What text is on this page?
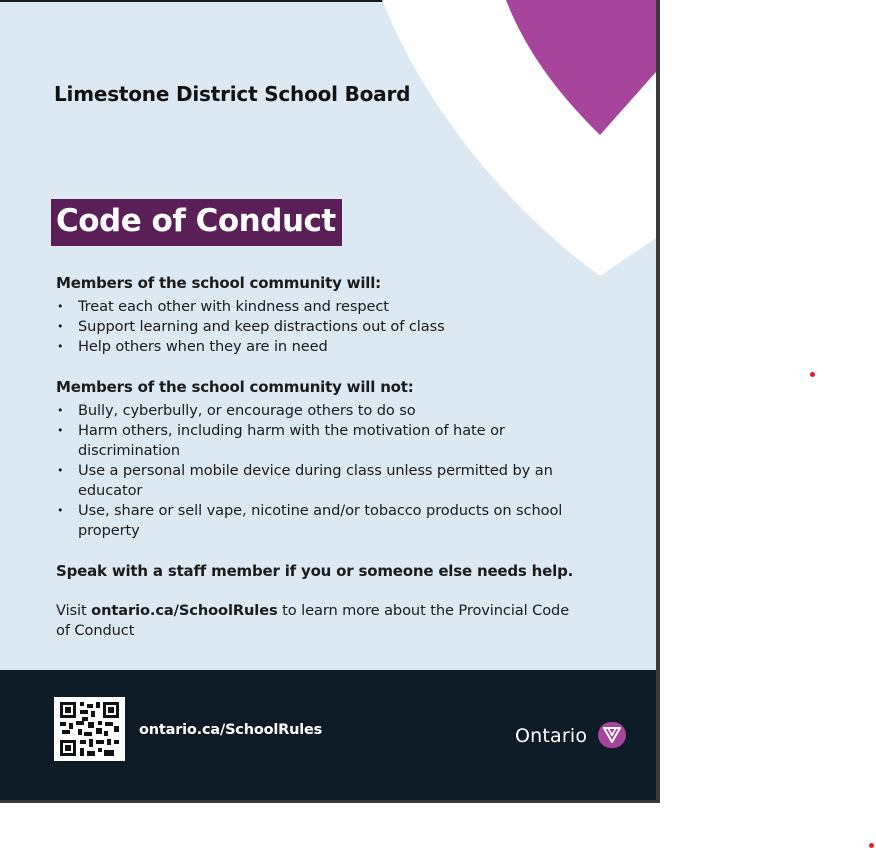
Limestone District School Board
Code of Conduct

Members of the school community will:

• Treat each other with kindness and respect
• Support learning and keep distractions out of class
• Help others when they are in need

Members of the school community will not:

• Bully, cyberbully, or encourage others to do so
• Harm others, including harm with the motivation of hate or discrimination
• Use a personal mobile device during class unless permitted by an educator
• Use, share or sell vape, nicotine and/or tobacco products on school property

Speak with a staff member if you or someone else needs help.

Visit ontario.ca/SchoolRules to learn more about the Provincial Code of Conduct

ontario.ca/SchoolRules	Ontario
